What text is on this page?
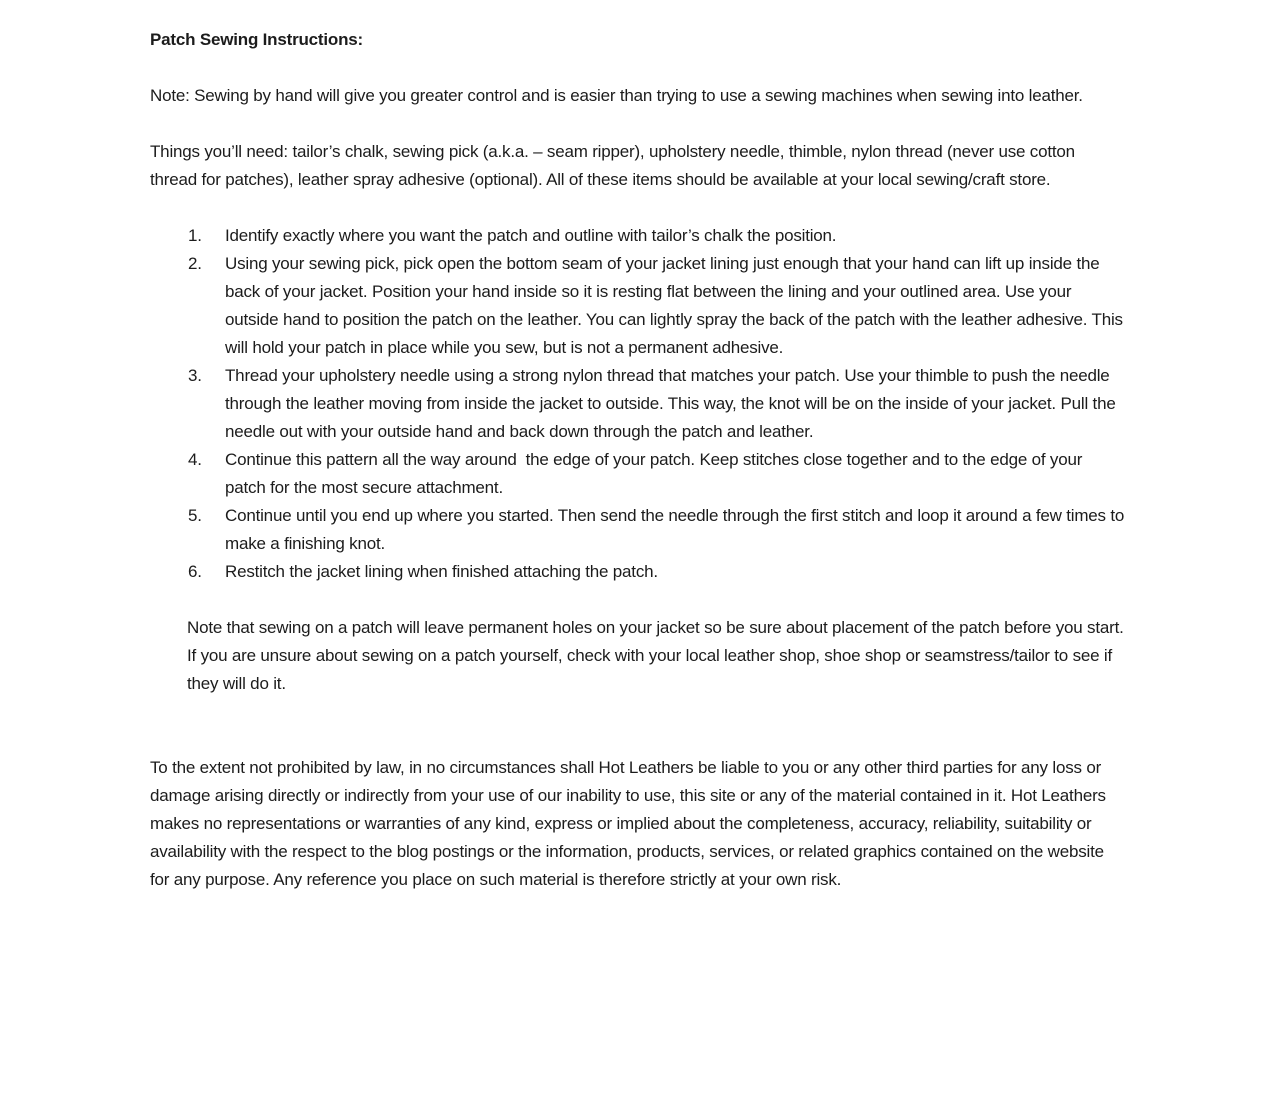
Patch Sewing Instructions:

Note: Sewing by hand will give you greater control and is easier than trying to use a sewing machines when sewing into leather.

Things you’ll need: tailor’s chalk, sewing pick (a.k.a. – seam ripper), upholstery needle, thimble, nylon thread (never use cotton thread for patches), leather spray adhesive (optional). All of these items should be available at your local sewing/craft store.

Identify exactly where you want the patch and outline with tailor’s chalk the position.
Using your sewing pick, pick open the bottom seam of your jacket lining just enough that your hand can lift up inside the back of your jacket. Position your hand inside so it is resting flat between the lining and your outlined area. Use your outside hand to position the patch on the leather. You can lightly spray the back of the patch with the leather adhesive. This will hold your patch in place while you sew, but is not a permanent adhesive.
Thread your upholstery needle using a strong nylon thread that matches your patch. Use your thimble to push the needle through the leather moving from inside the jacket to outside. This way, the knot will be on the inside of your jacket. Pull the needle out with your outside hand and back down through the patch and leather.
Continue this pattern all the way around  the edge of your patch. Keep stitches close together and to the edge of your patch for the most secure attachment.
Continue until you end up where you started. Then send the needle through the first stitch and loop it around a few times to make a finishing knot.
Restitch the jacket lining when finished attaching the patch.

Note that sewing on a patch will leave permanent holes on your jacket so be sure about placement of the patch before you start.

If you are unsure about sewing on a patch yourself, check with your local leather shop, shoe shop or seamstress/tailor to see if they will do it.

To the extent not prohibited by law, in no circumstances shall Hot Leathers be liable to you or any other third parties for any loss or damage arising directly or indirectly from your use of our inability to use, this site or any of the material contained in it. Hot Leathers makes no representations or warranties of any kind, express or implied about the completeness, accuracy, reliability, suitability or availability with the respect to the blog postings or the information, products, services, or related graphics contained on the website for any purpose. Any reference you place on such material is therefore strictly at your own risk.
